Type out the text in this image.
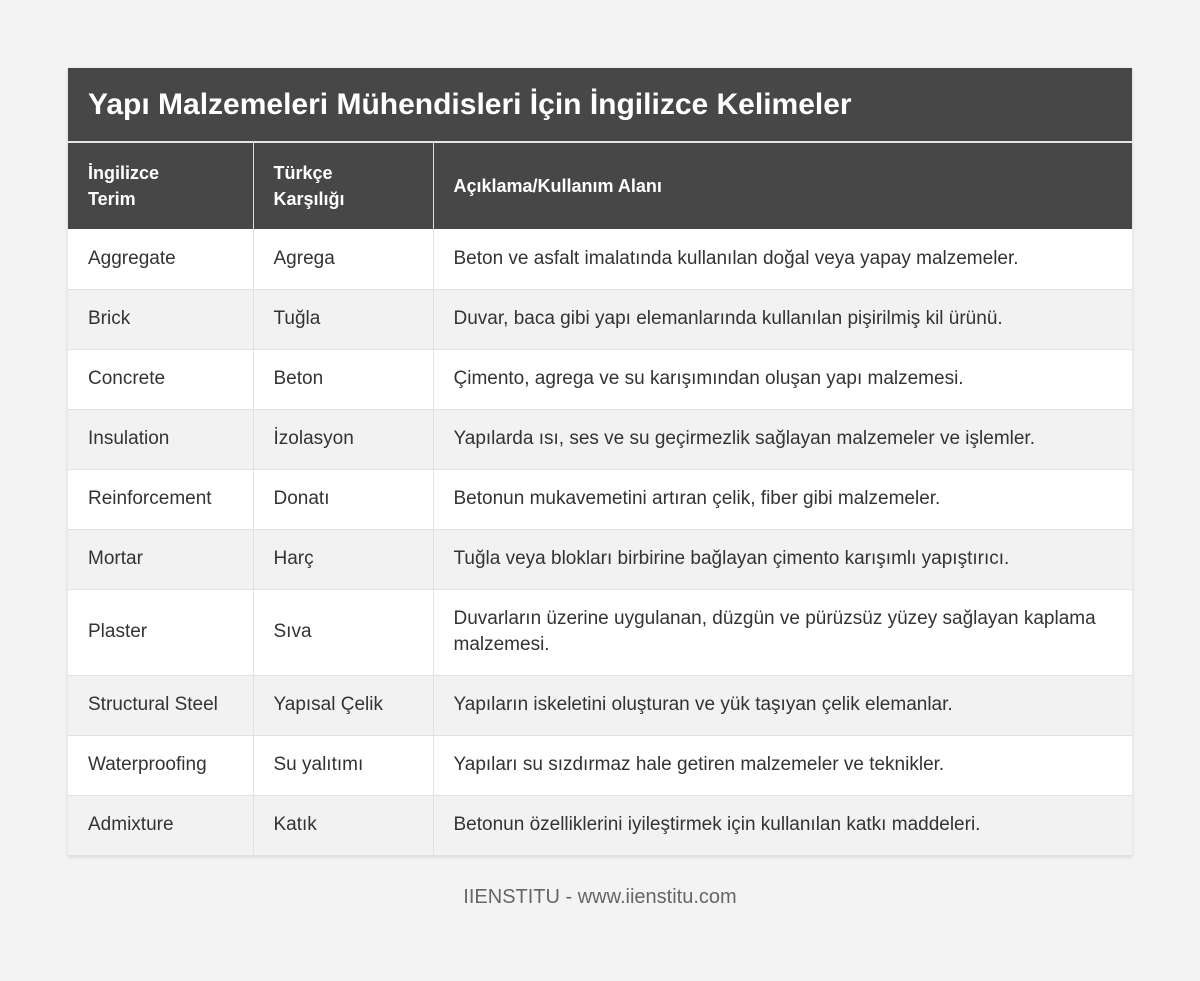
Yapı Malzemeleri Mühendisleri İçin İngilizce Kelimeler
İngilizce Terim	Türkçe Karşılığı	Açıklama/Kullanım Alanı
Aggregate	Agrega	Beton ve asfalt imalatında kullanılan doğal veya yapay malzemeler.
Brick	Tuğla	Duvar, baca gibi yapı elemanlarında kullanılan pişirilmiş kil ürünü.
Concrete	Beton	Çimento, agrega ve su karışımından oluşan yapı malzemesi.
Insulation	İzolasyon	Yapılarda ısı, ses ve su geçirmezlik sağlayan malzemeler ve işlemler.
Reinforcement	Donatı	Betonun mukavemetini artıran çelik, fiber gibi malzemeler.
Mortar	Harç	Tuğla veya blokları birbirine bağlayan çimento karışımlı yapıştırıcı.
Plaster	Sıva	Duvarların üzerine uygulanan, düzgün ve pürüzsüz yüzey sağlayan kaplama malzemesi.
Structural Steel	Yapısal Çelik	Yapıların iskeletini oluşturan ve yük taşıyan çelik elemanlar.
Waterproofing	Su yalıtımı	Yapıları su sızdırmaz hale getiren malzemeler ve teknikler.
Admixture	Katık	Betonun özelliklerini iyileştirmek için kullanılan katkı maddeleri.
IIENSTITU - www.iienstitu.com
